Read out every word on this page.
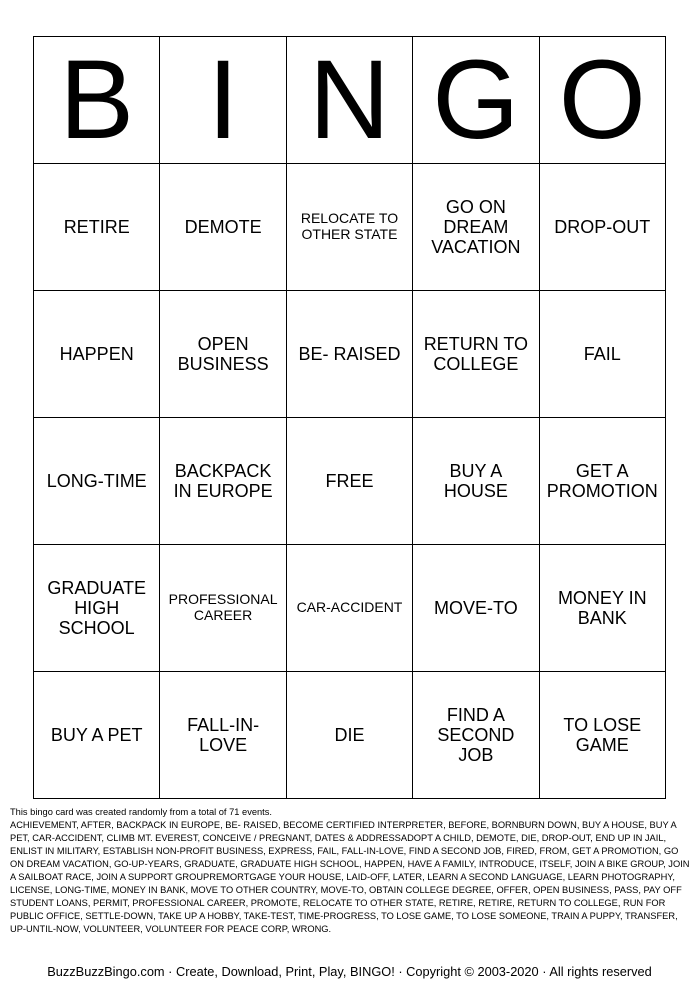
B	I	N	G	O
RETIRE	DEMOTE	RELOCATE TO OTHER STATE	GO ON DREAM VACATION	DROP-OUT
HAPPEN	OPEN BUSINESS	BE- RAISED	RETURN TO COLLEGE	FAIL
LONG-TIME	BACKPACK IN EUROPE	FREE	BUY A HOUSE	GET A PROMOTION
GRADUATE HIGH SCHOOL	PROFESSIONAL CAREER	CAR-ACCIDENT	MOVE-TO	MONEY IN BANK
BUY A PET	FALL-IN-LOVE	DIE	FIND A SECOND JOB	TO LOSE GAME
This bingo card was created randomly from a total of 71 events.
ACHIEVEMENT, AFTER, BACKPACK IN EUROPE, BE- RAISED, BECOME CERTIFIED INTERPRETER, BEFORE, BORNBURN DOWN, BUY A HOUSE, BUY A PET, CAR-ACCIDENT, CLIMB MT. EVEREST, CONCEIVE / PREGNANT, DATES & ADDRESSADOPT A CHILD, DEMOTE, DIE, DROP-OUT, END UP IN JAIL, ENLIST IN MILITARY, ESTABLISH NON-PROFIT BUSINESS, EXPRESS, FAIL, FALL-IN-LOVE, FIND A SECOND JOB, FIRED, FROM, GET A PROMOTION, GO ON DREAM VACATION, GO-UP-YEARS, GRADUATE, GRADUATE HIGH SCHOOL, HAPPEN, HAVE A FAMILY, INTRODUCE, ITSELF, JOIN A BIKE GROUP, JOIN A SAILBOAT RACE, JOIN A SUPPORT GROUPREMORTGAGE YOUR HOUSE, LAID-OFF, LATER, LEARN A SECOND LANGUAGE, LEARN PHOTOGRAPHY, LICENSE, LONG-TIME, MONEY IN BANK, MOVE TO OTHER COUNTRY, MOVE-TO, OBTAIN COLLEGE DEGREE, OFFER, OPEN BUSINESS, PASS, PAY OFF STUDENT LOANS, PERMIT, PROFESSIONAL CAREER, PROMOTE, RELOCATE TO OTHER STATE, RETIRE, RETIRE, RETURN TO COLLEGE, RUN FOR PUBLIC OFFICE, SETTLE-DOWN, TAKE UP A HOBBY, TAKE-TEST, TIME-PROGRESS, TO LOSE GAME, TO LOSE SOMEONE, TRAIN A PUPPY, TRANSFER, UP-UNTIL-NOW, VOLUNTEER, VOLUNTEER FOR PEACE CORP, WRONG.
BuzzBuzzBingo.com · Create, Download, Print, Play, BINGO! · Copyright © 2003-2020 · All rights reserved
